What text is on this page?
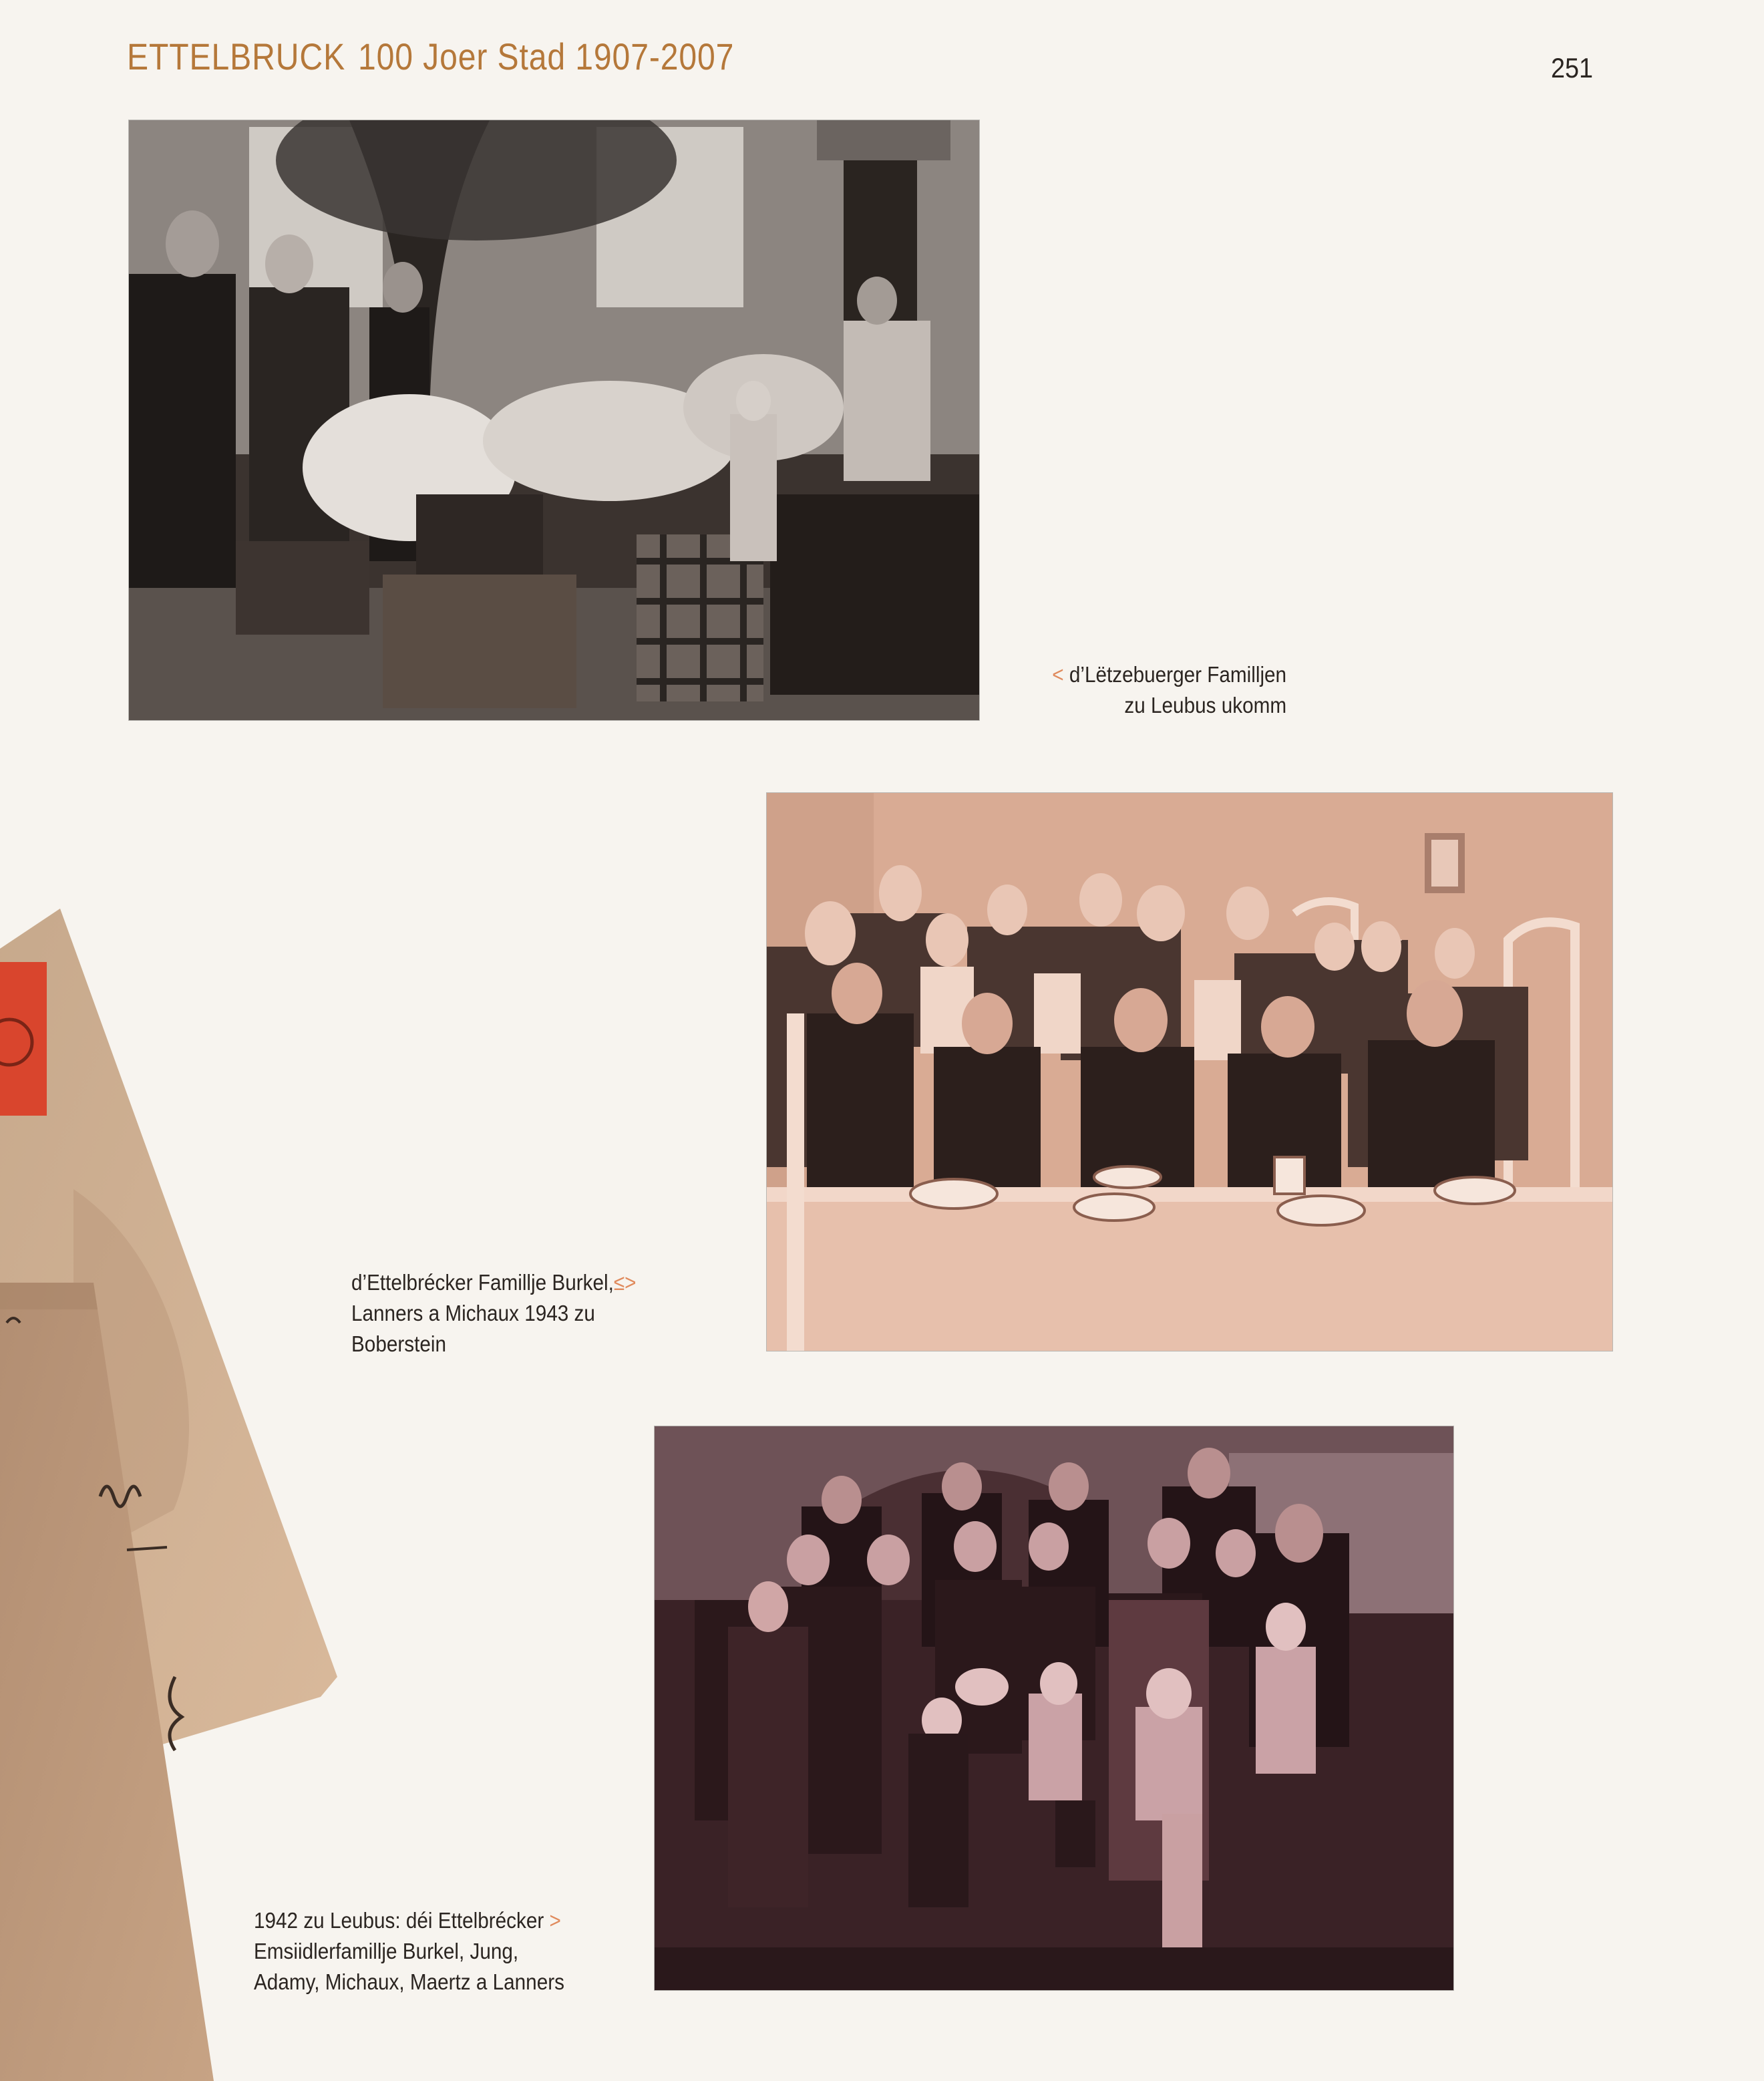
ETTELBRUCK 100 Joer Stad 1907-2007	251
< d’Lëtzebuerger Familljen
zu Leubus ukomm
d’Ettelbrécker Famillje Burkel,≤>
Lanners a Michaux 1943 zu
Boberstein
1942 zu Leubus: déi Ettelbrécker >
Emsiidlerfamillje Burkel, Jung,
Adamy, Michaux, Maertz a Lanners
